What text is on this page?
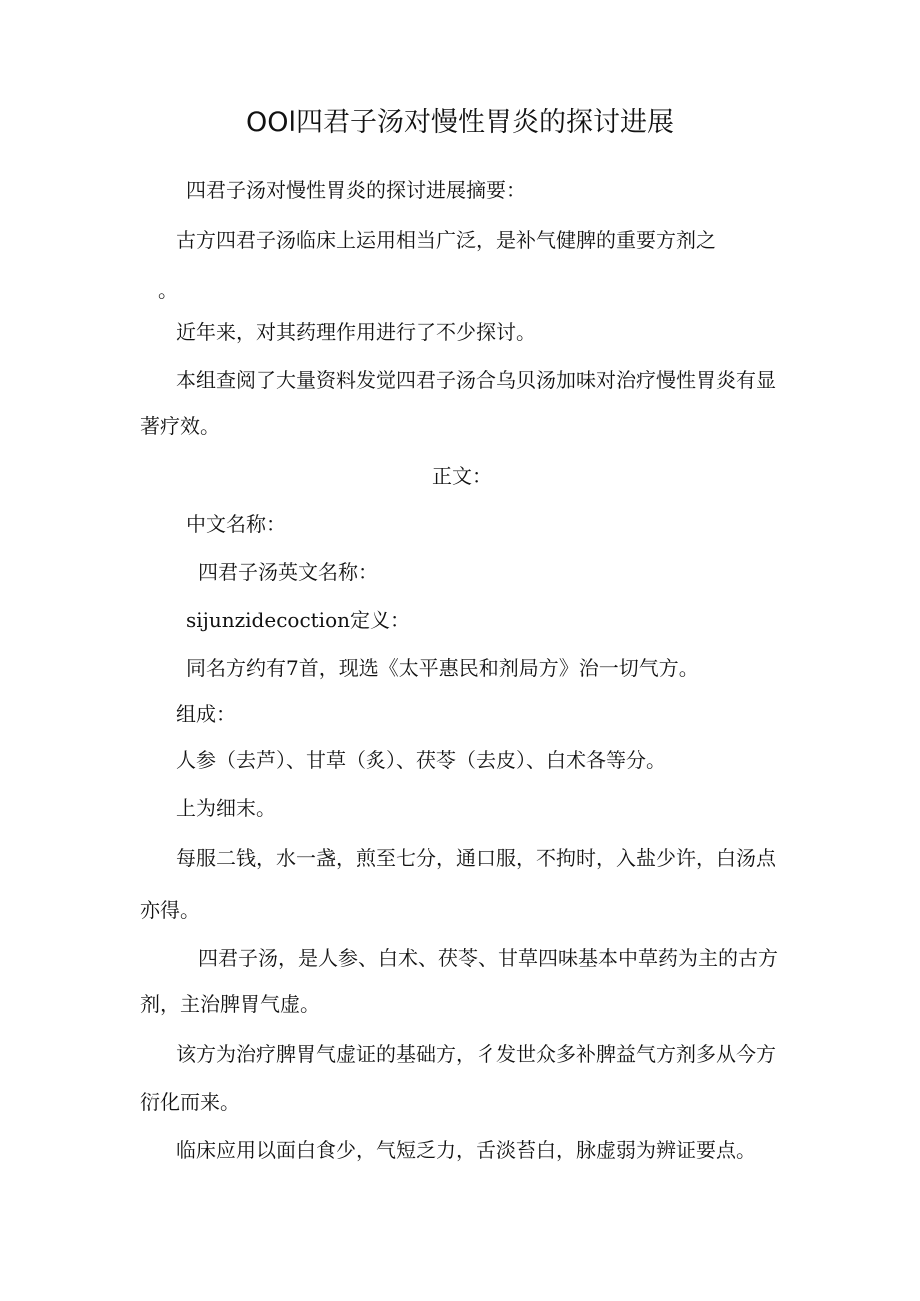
OOl四君子汤对慢性胃炎的探讨进展
四君子汤对慢性胃炎的探讨进展摘要：
古方四君子汤临床上运用相当广泛，是补气健脾的重要方剂之
。
近年来，对其药理作用进行了不少探讨。
本组查阅了大量资料发觉四君子汤合乌贝汤加味对治疗慢性胃炎有显
著疗效。
正文：
中文名称：
四君子汤英文名称：
sijunzidecoction定义：
同名方约有7首，现选《太平惠民和剂局方》治一切气方。
组成：
人参（去芦）、甘草（炙）、茯苓（去皮）、白术各等分。
上为细末。
每服二钱，水一盏，煎至七分，通口服，不拘时，入盐少许，白汤点
亦得。
四君子汤，是人参、白术、茯苓、甘草四味基本中草药为主的古方
剂，主治脾胃气虚。
该方为治疗脾胃气虚证的基础方，彳发世众多补脾益气方剂多从今方
衍化而来。
临床应用以面白食少，气短乏力，舌淡苔白，脉虚弱为辨证要点。
